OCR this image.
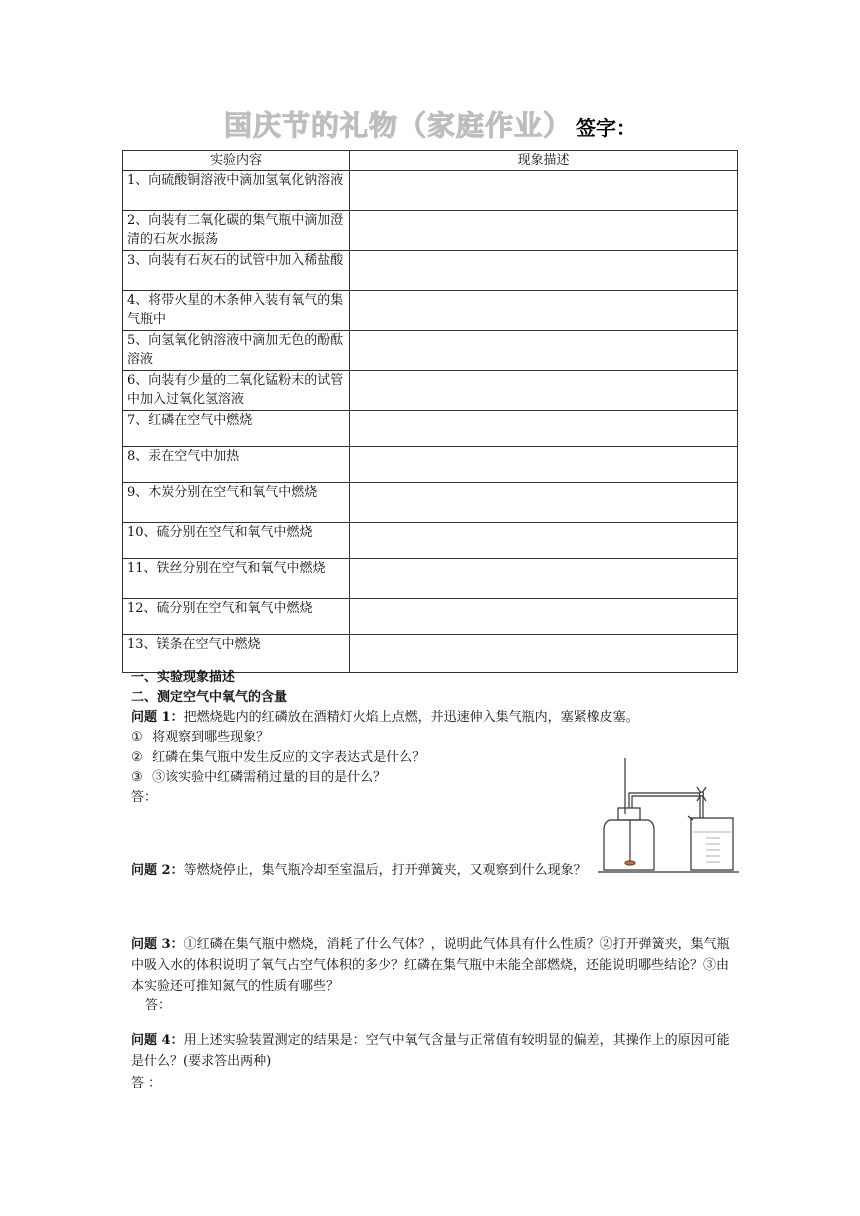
国庆节的礼物（家庭作业） 签字：
实验内容	现象描述
1、向硫酸铜溶液中滴加氢氧化钠溶液	
2、向装有二氧化碳的集气瓶中滴加澄清的石灰水振荡	
3、向装有石灰石的试管中加入稀盐酸	
4、将带火星的木条伸入装有氧气的集气瓶中	
5、向氢氧化钠溶液中滴加无色的酚酞溶液	
6、向装有少量的二氧化锰粉末的试管中加入过氧化氢溶液	
7、红磷在空气中燃烧	
8、汞在空气中加热	
9、木炭分别在空气和氧气中燃烧	
10、硫分别在空气和氧气中燃烧	
11、铁丝分别在空气和氧气中燃烧	
12、硫分别在空气和氧气中燃烧	
13、镁条在空气中燃烧	
一、实验现象描述
二、测定空气中氧气的含量
问题 1：把燃烧匙内的红磷放在酒精灯火焰上点燃，并迅速伸入集气瓶内，塞紧橡皮塞。
① 将观察到哪些现象？
② 红磷在集气瓶中发生反应的文字表达式是什么？
③ ③该实验中红磷需稍过量的目的是什么？
答：
问题 2：等燃烧停止，集气瓶冷却至室温后，打开弹簧夹，又观察到什么现象？
问题 3：①红磷在集气瓶中燃烧，消耗了什么气体？，说明此气体具有什么性质？②打开弹簧夹，集气瓶中吸入水的体积说明了氧气占空气体积的多少？红磷在集气瓶中未能全部燃烧，还能说明哪些结论？③由本实验还可推知氮气的性质有哪些？
答：
问题 4：用上述实验装置测定的结果是：空气中氧气含量与正常值有较明显的偏差，其操作上的原因可能是什么？(要求答出两种)
答 ：
